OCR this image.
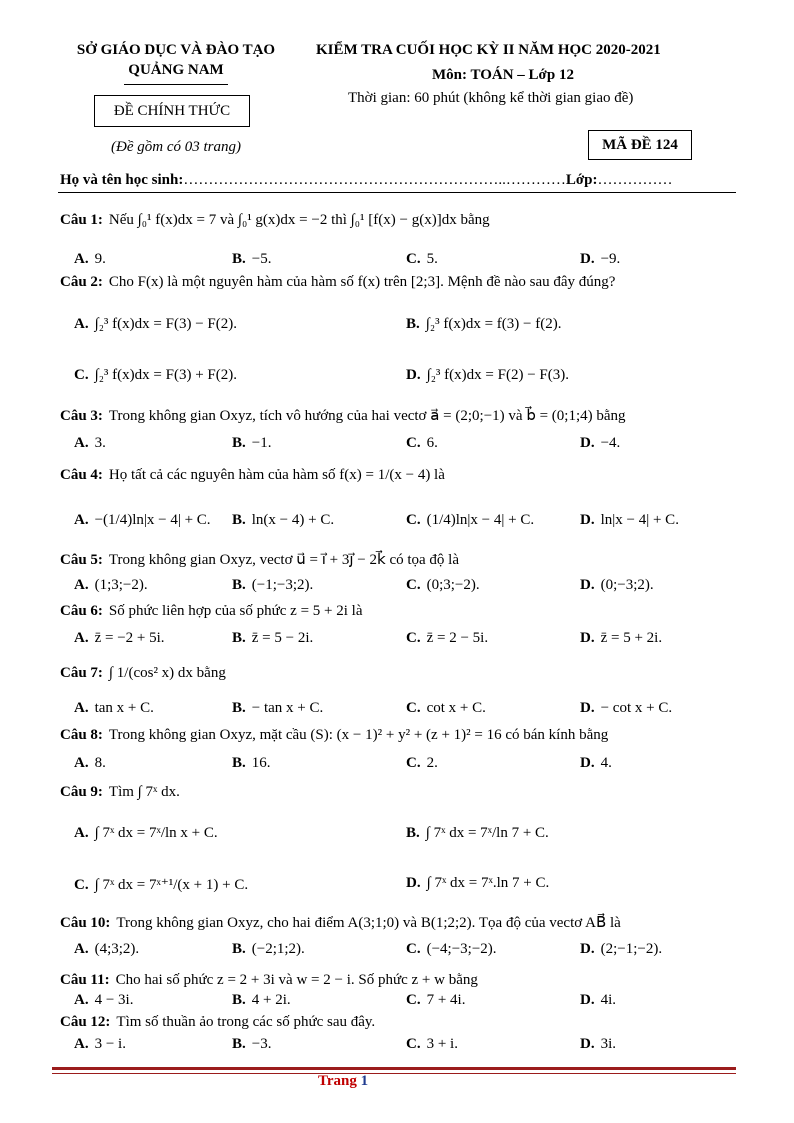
SỞ GIÁO DỤC VÀ ĐÀO TẠO
QUẢNG NAM
ĐỀ CHÍNH THỨC
(Đề gồm có 03 trang)
KIỂM TRA CUỐI HỌC KỲ II NĂM HỌC 2020-2021
Môn: TOÁN – Lớp 12
Thời gian: 60 phút (không kể thời gian giao đề)
MÃ ĐỀ 124
Họ và tên học sinh:………………………………………………………..…………Lớp:……………
Câu 1: Nếu ∫₀¹ f(x)dx = 7 và ∫₀¹ g(x)dx = −2 thì ∫₀¹ [f(x) − g(x)]dx bằng
A. 9.	B. −5.	C. 5.	D. −9.
Câu 2: Cho F(x) là một nguyên hàm của hàm số f(x) trên [2;3]. Mệnh đề nào sau đây đúng?
A. ∫₂³ f(x)dx = F(3) − F(2).	B. ∫₂³ f(x)dx = f(3) − f(2).
C. ∫₂³ f(x)dx = F(3) + F(2).	D. ∫₂³ f(x)dx = F(2) − F(3).
Câu 3: Trong không gian Oxyz, tích vô hướng của hai vectơ a⃗ = (2;0;−1) và b⃗ = (0;1;4) bằng
A. 3.	B. −1.	C. 6.	D. −4.
Câu 4: Họ tất cả các nguyên hàm của hàm số f(x) = 1/(x − 4) là
A. −(1/4)ln|x − 4| + C. B. ln(x − 4) + C.	C. (1/4)ln|x − 4| + C.	D. ln|x − 4| + C.
Câu 5: Trong không gian Oxyz, vectơ u⃗ = i⃗ + 3j⃗ − 2k⃗ có tọa độ là
A. (1;3;−2).	B. (−1;−3;2).	C. (0;3;−2).	D. (0;−3;2).
Câu 6: Số phức liên hợp của số phức z = 5 + 2i là
A. z̄ = −2 + 5i.	B. z̄ = 5 − 2i.	C. z̄ = 2 − 5i.	D. z̄ = 5 + 2i.
Câu 7: ∫ 1/(cos² x) dx bằng
A. tan x + C.	B. − tan x + C.	C. cot x + C.	D. − cot x + C.
Câu 8: Trong không gian Oxyz, mặt cầu (S): (x − 1)² + y² + (z + 1)² = 16 có bán kính bằng
A. 8.	B. 16.	C. 2.	D. 4.
Câu 9: Tìm ∫ 7ˣ dx.
A. ∫ 7ˣ dx = 7ˣ/ln x + C.	B. ∫ 7ˣ dx = 7ˣ/ln 7 + C.
C. ∫ 7ˣ dx = 7ˣ⁺¹/(x + 1) + C.	D. ∫ 7ˣ dx = 7ˣ.ln 7 + C.
Câu 10: Trong không gian Oxyz, cho hai điểm A(3;1;0) và B(1;2;2). Tọa độ của vectơ AB⃗ là
A. (4;3;2).	B. (−2;1;2).	C. (−4;−3;−2).	D. (2;−1;−2).
Câu 11: Cho hai số phức z = 2 + 3i và w = 2 − i. Số phức z + w bằng
A. 4 − 3i.	B. 4 + 2i.	C. 7 + 4i.	D. 4i.
Câu 12: Tìm số thuần ảo trong các số phức sau đây.
A. 3 − i.	B. −3.	C. 3 + i.	D. 3i.
Trang 1
